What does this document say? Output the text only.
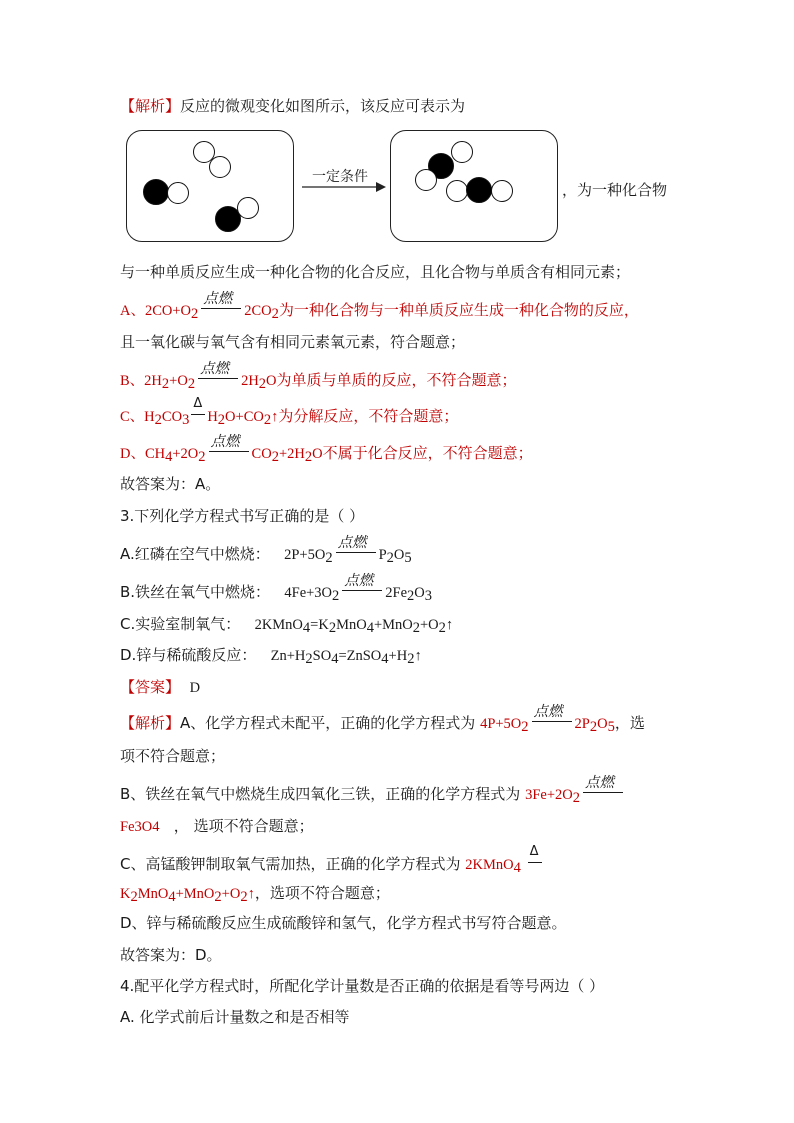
【解析】反应的微观变化如图所示，该反应可表示为
一定条件
，为一种化合物
与一种单质反应生成一种化合物的化合反应，且化合物与单质含有相同元素；
A、$2CO+O_2$
点燃
$2CO_2$为一种化合物与一种单质反应生成一种化合物的反应，
且一氧化碳与氧气含有相同元素氧元素，符合题意；
B、$2H_2+O_2$
点燃
$2H_2O$为单质与单质的反应，不符合题意；
C、$H_2CO_3$
Δ
$H_2O+CO_2↑$为分解反应，不符合题意；
D、$CH_4+2O_2$
点燃
$CO_2+2H_2O$不属于化合反应，不符合题意；
故答案为：A。
3.下列化学方程式书写正确的是（ ）
A.红磷在空气中燃烧： $2P+5O_2$
点燃
$P_2O_5$
B.铁丝在氧气中燃烧： $4Fe+3O_2$
点燃
$2Fe_2O_3$
C.实验室制氧气： $2KMnO_4=K_2MnO_4+MnO_2+O_2↑$
D.锌与稀硫酸反应： $Zn+H_2SO_4=ZnSO_4+H_2↑$
【答案】 D
【解析】A、化学方程式未配平，正确的化学方程式为 $4P+5O_2$
点燃
$2P_2O_5$，选
项不符合题意；
B、铁丝在氧气中燃烧生成四氧化三铁，正确的化学方程式为 $3Fe+2O_2$
点燃
Fe3O4 ， 选项不符合题意；
C、高锰酸钾制取氧气需加热，正确的化学方程式为 2KMnO$_4$
Δ
$K_2MnO_4+MnO_2+O_2↑$，选项不符合题意；
D、锌与稀硫酸反应生成硫酸锌和氢气，化学方程式书写符合题意。
故答案为：D。
4.配平化学方程式时，所配化学计量数是否正确的依据是看等号两边（ ）
A. 化学式前后计量数之和是否相等
